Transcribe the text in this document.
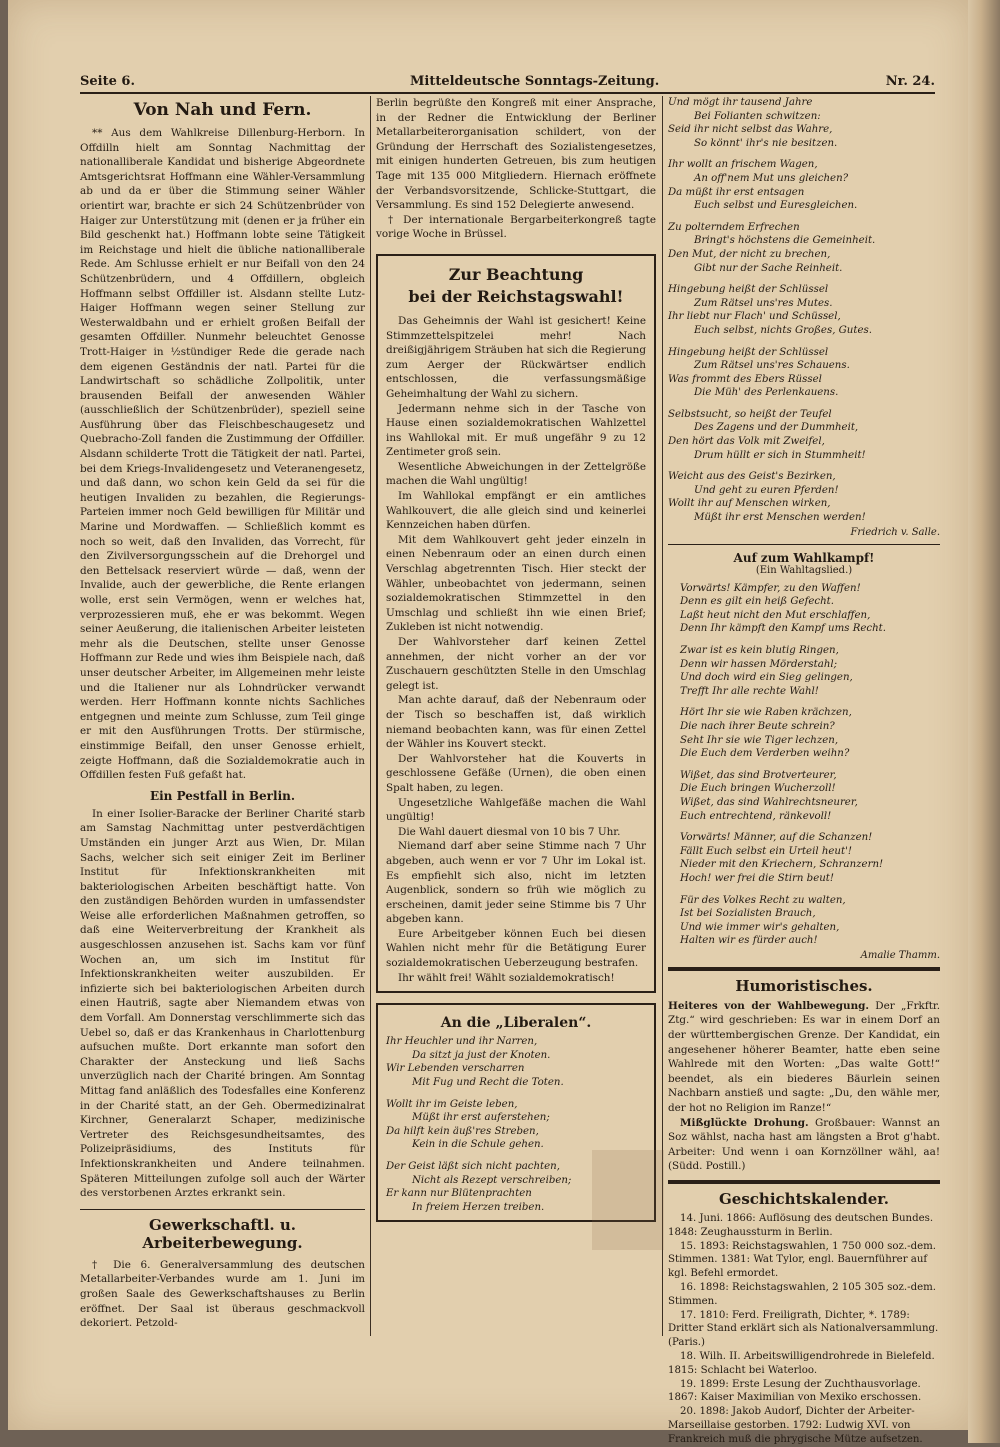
Seite 6.	Mitteldeutsche Sonntags-Zeitung.	Nr. 24.
Von Nah und Fern.

** Aus dem Wahlkreise Dillenburg-Herborn. In Offdilln hielt am Sonntag Nachmittag der nationalliberale Kandidat und bisherige Abgeordnete Amtsgerichtsrat Hoffmann eine Wähler-Versammlung ab und da er über die Stimmung seiner Wähler orientirt war, brachte er sich 24 Schützenbrüder von Haiger zur Unterstützung mit (denen er ja früher ein Bild geschenkt hat.) Hoffmann lobte seine Tätigkeit im Reichstage und hielt die übliche nationalliberale Rede. Am Schlusse erhielt er nur Beifall von den 24 Schützenbrüdern, und 4 Offdillern, obgleich Hoffmann selbst Offdiller ist. Alsdann stellte Lutz-Haiger Hoffmann wegen seiner Stellung zur Westerwaldbahn und er erhielt großen Beifall der gesamten Offdiller. Nunmehr beleuchtet Genosse Trott-Haiger in ½stündiger Rede die gerade nach dem eigenen Geständnis der natl. Partei für die Landwirtschaft so schädliche Zollpolitik, unter brausenden Beifall der anwesenden Wähler (ausschließlich der Schützenbrüder), speziell seine Ausführung über das Fleischbeschaugesetz und Quebracho-Zoll fanden die Zustimmung der Offdiller. Alsdann schilderte Trott die Tätigkeit der natl. Partei, bei dem Kriegs-Invalidengesetz und Veteranengesetz, und daß dann, wo schon kein Geld da sei für die heutigen Invaliden zu bezahlen, die Regierungs-Parteien immer noch Geld bewilligen für Militär und Marine und Mordwaffen. — Schließlich kommt es noch so weit, daß den Invaliden, das Vorrecht, für den Zivilversorgungsschein auf die Drehorgel und den Bettelsack reserviert würde — daß, wenn der Invalide, auch der gewerbliche, die Rente erlangen wolle, erst sein Vermögen, wenn er welches hat, verprozessieren muß, ehe er was bekommt. Wegen seiner Aeußerung, die italienischen Arbeiter leisteten mehr als die Deutschen, stellte unser Genosse Hoffmann zur Rede und wies ihm Beispiele nach, daß unser deutscher Arbeiter, im Allgemeinen mehr leiste und die Italiener nur als Lohndrücker verwandt werden. Herr Hoffmann konnte nichts Sachliches entgegnen und meinte zum Schlusse, zum Teil ginge er mit den Ausführungen Trotts. Der stürmische, einstimmige Beifall, den unser Genosse erhielt, zeigte Hoffmann, daß die Sozialdemokratie auch in Offdillen festen Fuß gefaßt hat.

Ein Pestfall in Berlin.

In einer Isolier-Baracke der Berliner Charité starb am Samstag Nachmittag unter pestverdächtigen Umständen ein junger Arzt aus Wien, Dr. Milan Sachs, welcher sich seit einiger Zeit im Berliner Institut für Infektionskrankheiten mit bakteriologischen Arbeiten beschäftigt hatte. Von den zuständigen Behörden wurden in umfassendster Weise alle erforderlichen Maßnahmen getroffen, so daß eine Weiterverbreitung der Krankheit als ausgeschlossen anzusehen ist. Sachs kam vor fünf Wochen an, um sich im Institut für Infektionskrankheiten weiter auszubilden. Er infizierte sich bei bakteriologischen Arbeiten durch einen Hautriß, sagte aber Niemandem etwas von dem Vorfall. Am Donnerstag verschlimmerte sich das Uebel so, daß er das Krankenhaus in Charlottenburg aufsuchen mußte. Dort erkannte man sofort den Charakter der Ansteckung und ließ Sachs unverzüglich nach der Charité bringen. Am Sonntag Mittag fand anläßlich des Todesfalles eine Konferenz in der Charité statt, an der Geh. Obermedizinalrat Kirchner, Generalarzt Schaper, medizinische Vertreter des Reichsgesundheitsamtes, des Polizeipräsidiums, des Instituts für Infektionskrankheiten und Andere teilnahmen. Späteren Mitteilungen zufolge soll auch der Wärter des verstorbenen Arztes erkrankt sein.

Gewerkschaftl. u. Arbeiterbewegung.

† Die 6. Generalversammlung des deutschen Metallarbeiter-Verbandes wurde am 1. Juni im großen Saale des Gewerkschaftshauses zu Berlin eröffnet. Der Saal ist überaus geschmackvoll dekoriert. Petzold-

Berlin begrüßte den Kongreß mit einer Ansprache, in der Redner die Entwicklung der Berliner Metallarbeiterorganisation schildert, von der Gründung der Herrschaft des Sozialistengesetzes, mit einigen hunderten Getreuen, bis zum heutigen Tage mit 135 000 Mitgliedern. Hiernach eröffnete der Verbandsvorsitzende, Schlicke-Stuttgart, die Versammlung. Es sind 152 Delegierte anwesend.

† Der internationale Bergarbeiterkongreß tagte vorige Woche in Brüssel.

Zur Beachtung
bei der Reichstagswahl!

Das Geheimnis der Wahl ist gesichert! Keine Stimmzettelspitzelei mehr! Nach dreißigjährigem Sträuben hat sich die Regierung zum Aerger der Rückwärtser endlich entschlossen, die verfassungsmäßige Geheimhaltung der Wahl zu sichern.

Jedermann nehme sich in der Tasche von Hause einen sozialdemokratischen Wahlzettel ins Wahllokal mit. Er muß ungefähr 9 zu 12 Zentimeter groß sein.

Wesentliche Abweichungen in der Zettelgröße machen die Wahl ungültig!

Im Wahllokal empfängt er ein amtliches Wahlkouvert, die alle gleich sind und keinerlei Kennzeichen haben dürfen.

Mit dem Wahlkouvert geht jeder einzeln in einen Nebenraum oder an einen durch einen Verschlag abgetrennten Tisch. Hier steckt der Wähler, unbeobachtet von jedermann, seinen sozialdemokratischen Stimmzettel in den Umschlag und schließt ihn wie einen Brief; Zukleben ist nicht notwendig.

Der Wahlvorsteher darf keinen Zettel annehmen, der nicht vorher an der vor Zuschauern geschützten Stelle in den Umschlag gelegt ist.

Man achte darauf, daß der Nebenraum oder der Tisch so beschaffen ist, daß wirklich niemand beobachten kann, was für einen Zettel der Wähler ins Kouvert steckt.

Der Wahlvorsteher hat die Kouverts in geschlossene Gefäße (Urnen), die oben einen Spalt haben, zu legen.

Ungesetzliche Wahlgefäße machen die Wahl ungültig!

Die Wahl dauert diesmal von 10 bis 7 Uhr.

Niemand darf aber seine Stimme nach 7 Uhr abgeben, auch wenn er vor 7 Uhr im Lokal ist. Es empfiehlt sich also, nicht im letzten Augenblick, sondern so früh wie möglich zu erscheinen, damit jeder seine Stimme bis 7 Uhr abgeben kann.

Eure Arbeitgeber können Euch bei diesen Wahlen nicht mehr für die Betätigung Eurer sozialdemokratischen Ueberzeugung bestrafen.

Ihr wählt frei! Wählt sozialdemokratisch!

An die „Liberalen“.

Ihr Heuchler und ihr Narren,

Da sitzt ja just der Knoten.

Wir Lebenden verscharren

Mit Fug und Recht die Toten.

Wollt ihr im Geiste leben,

Müßt ihr erst auferstehen;

Da hilft kein äuß'res Streben,

Kein in die Schule gehen.

Der Geist läßt sich nicht pachten,

Nicht als Rezept verschreiben;

Er kann nur Blütenprachten

In freiem Herzen treiben.

Und mögt ihr tausend Jahre

Bei Folianten schwitzen:

Seid ihr nicht selbst das Wahre,

So könnt' ihr's nie besitzen.

Ihr wollt an frischem Wagen,

An off'nem Mut uns gleichen?

Da müßt ihr erst entsagen

Euch selbst und Euresgleichen.

Zu polterndem Erfrechen

Bringt's höchstens die Gemeinheit.

Den Mut, der nicht zu brechen,

Gibt nur der Sache Reinheit.

Hingebung heißt der Schlüssel

Zum Rätsel uns'res Mutes.

Ihr liebt nur Flach' und Schüssel,

Euch selbst, nichts Großes, Gutes.

Hingebung heißt der Schlüssel

Zum Rätsel uns'res Schauens.

Was frommt des Ebers Rüssel

Die Müh' des Perlenkauens.

Selbstsucht, so heißt der Teufel

Des Zagens und der Dummheit,

Den hört das Volk mit Zweifel,

Drum hüllt er sich in Stummheit!

Weicht aus des Geist's Bezirken,

Und geht zu euren Pferden!

Wollt ihr auf Menschen wirken,

Müßt ihr erst Menschen werden!

Friedrich v. Salle.
Auf zum Wahlkampf!
(Ein Wahltagslied.)

Vorwärts! Kämpfer, zu den Waffen!

Denn es gilt ein heiß Gefecht.

Laßt heut nicht den Mut erschlaffen,

Denn Ihr kämpft den Kampf ums Recht.

Zwar ist es kein blutig Ringen,

Denn wir hassen Mörderstahl;

Und doch wird ein Sieg gelingen,

Trefft Ihr alle rechte Wahl!

Hört Ihr sie wie Raben krächzen,

Die nach ihrer Beute schrein?

Seht Ihr sie wie Tiger lechzen,

Die Euch dem Verderben weihn?

Wißet, das sind Brotverteurer,

Die Euch bringen Wucherzoll!

Wißet, das sind Wahlrechtsneurer,

Euch entrechtend, ränkevoll!

Vorwärts! Männer, auf die Schanzen!

Fällt Euch selbst ein Urteil heut'!

Nieder mit den Kriechern, Schranzern!

Hoch! wer frei die Stirn beut!

Für des Volkes Recht zu walten,

Ist bei Sozialisten Brauch,

Und wie immer wir's gehalten,

Halten wir es fürder auch!

Amalie Thamm.
Humoristisches.

Heiteres von der Wahlbewegung. Der „Frkftr. Ztg.“ wird geschrieben: Es war in einem Dorf an der württembergischen Grenze. Der Kandidat, ein angesehener höherer Beamter, hatte eben seine Wahlrede mit den Worten: „Das walte Gott!“ beendet, als ein biederes Bäurlein seinen Nachbarn anstieß und sagte: „Du, den wähle mer, der hot no Religion im Ranze!“

Mißglückte Drohung. Großbauer: Wannst an Soz wählst, nacha hast am längsten a Brot g'habt. Arbeiter: Und wenn i oan Kornzöllner wähl, aa! (Südd. Postill.)

Geschichtskalender.

14. Juni. 1866: Auflösung des deutschen Bundes. 1848: Zeughaussturm in Berlin.

15. 1893: Reichstagswahlen, 1 750 000 soz.-dem. Stimmen. 1381: Wat Tylor, engl. Bauernführer auf kgl. Befehl ermordet.

16. 1898: Reichstagswahlen, 2 105 305 soz.-dem. Stimmen.

17. 1810: Ferd. Freiligrath, Dichter, *. 1789: Dritter Stand erklärt sich als Nationalversammlung. (Paris.)

18. Wilh. II. Arbeitswilligendrohrede in Bielefeld. 1815: Schlacht bei Waterloo.

19. 1899: Erste Lesung der Zuchthausvorlage. 1867: Kaiser Maximilian von Mexiko erschossen.

20. 1898: Jakob Audorf, Dichter der Arbeiter-Marseillaise gestorben. 1792: Ludwig XVI. von Frankreich muß die phrygische Mütze aufsetzen.
